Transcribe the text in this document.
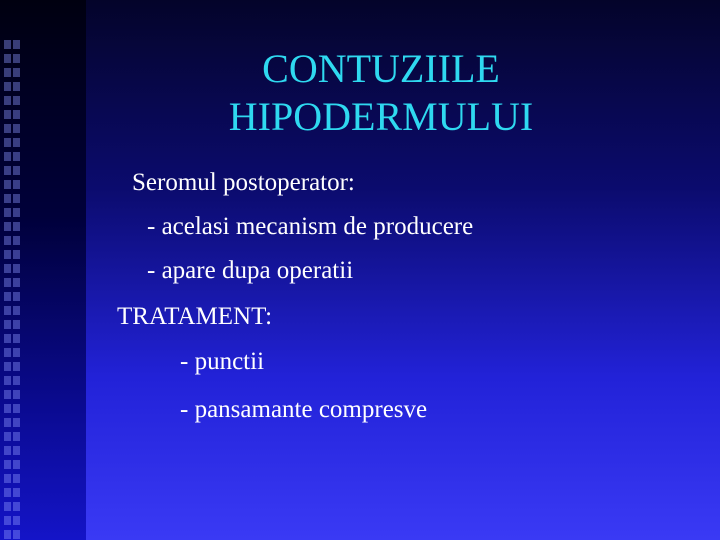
CONTUZIILE
HIPODERMULUI
Seromul postoperator:
- acelasi mecanism de producere
- apare dupa operatii
TRATAMENT:
- punctii
- pansamante compresve
